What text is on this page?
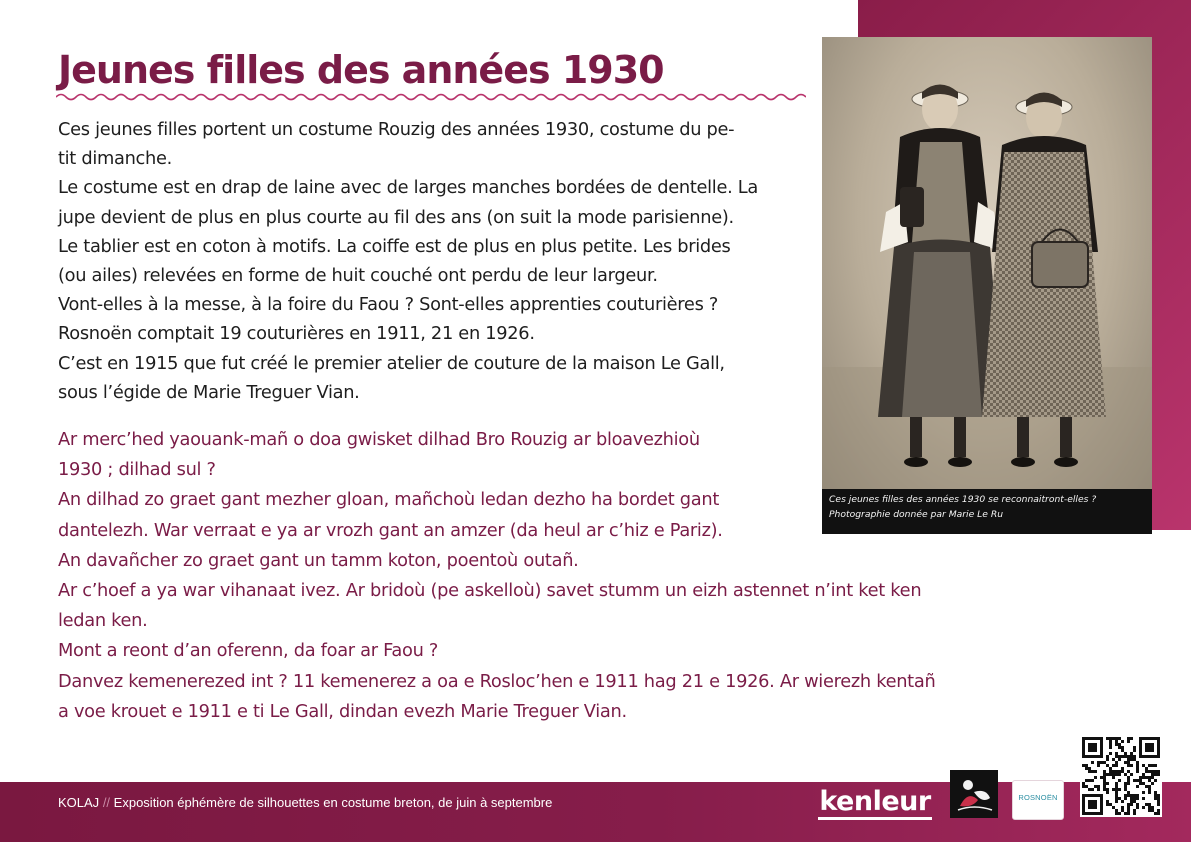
Ces jeunes filles des années 1930 se reconnaitront-elles ?
Photographie donnée par Marie Le Ru
Jeunes filles des années 1930
Ces jeunes filles portent un costume Rouzig des années 1930, costume du pe-
tit dimanche.
Le costume est en drap de laine avec de larges manches bordées de dentelle. La
jupe devient de plus en plus courte au fil des ans (on suit la mode parisienne).
Le tablier est en coton à motifs. La coiffe est de plus en plus petite. Les brides
(ou ailes) relevées en forme de huit couché ont perdu de leur largeur.
Vont-elles à la messe, à la foire du Faou ? Sont-elles apprenties couturières ?
Rosnoën comptait 19 couturières en 1911, 21 en 1926.
C’est en 1915 que fut créé le premier atelier de couture de la maison Le Gall,
sous l’égide de Marie Treguer Vian.
Ar merc’hed yaouank-mañ o doa gwisket dilhad Bro Rouzig ar bloavezhioù
1930 ; dilhad sul ?
An dilhad zo graet gant mezher gloan, mañchoù ledan dezho ha bordet gant
dantelezh. War verraat e ya ar vrozh gant an amzer (da heul ar c’hiz e Pariz).
An davañcher zo graet gant un tamm koton, poentoù outañ.
Ar c’hoef a ya war vihanaat ivez. Ar bridoù (pe askelloù) savet stumm un eizh astennet n’int ket ken
ledan ken.
Mont a reont d’an oferenn, da foar ar Faou ?
Danvez kemenerezed int ? 11 kemenerez a oa e Rosloc’hen e 1911 hag 21 e 1926. Ar wierezh kentañ
a voe krouet e 1911 e ti Le Gall, dindan evezh Marie Treguer Vian.
KOLAJ // Exposition éphémère de silhouettes en costume breton, de juin à septembre	kenleur	ROSNOËN
